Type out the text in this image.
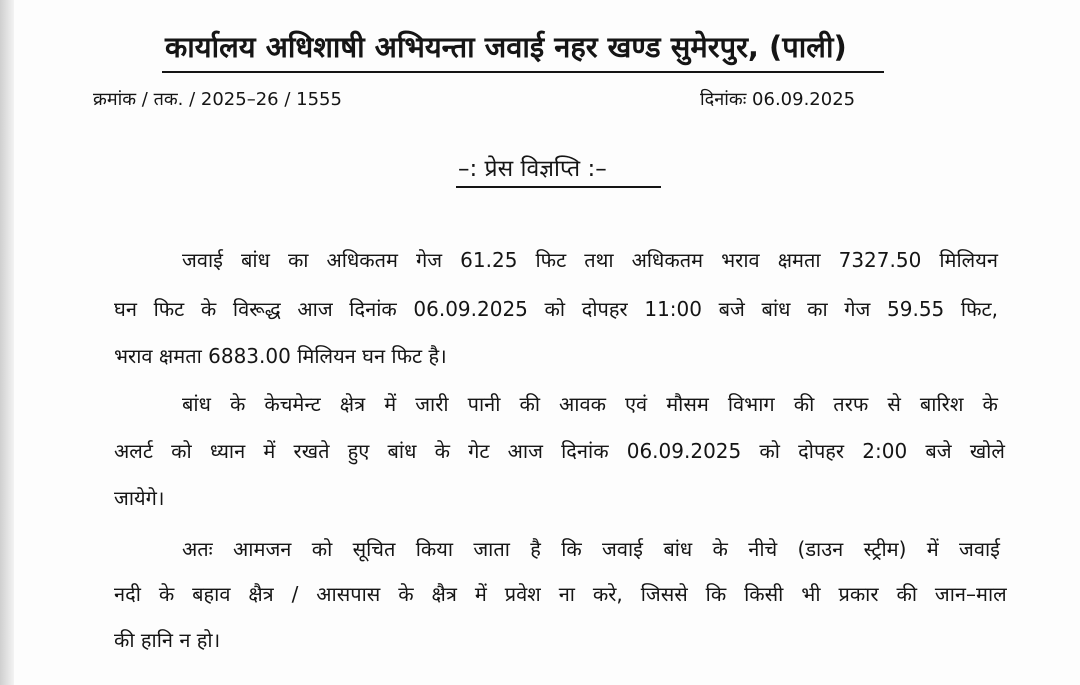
कार्यालय अधिशाषी अभियन्ता जवाई नहर खण्ड सुमेरपुर, (पाली)
क्रमांक / तक. / 2025–26 / 1555	दिनांकः 06.09.2025
–: प्रेस विज्ञप्ति :–
जवाई बांध का अधिकतम गेज 61.25 फिट तथा अधिकतम भराव क्षमता 7327.50 मिलियन
घन फिट के विरूद्ध आज दिनांक 06.09.2025 को दोपहर 11:00 बजे बांध का गेज 59.55 फिट,
भराव क्षमता 6883.00 मिलियन घन फिट है।
बांध के केचमेन्ट क्षेत्र में जारी पानी की आवक एवं मौसम विभाग की तरफ से बारिश के
अलर्ट को ध्यान में रखते हुए बांध के गेट आज दिनांक 06.09.2025 को दोपहर 2:00 बजे खोले
जायेगे।
अतः आमजन को सूचित किया जाता है कि जवाई बांध के नीचे (डाउन स्ट्रीम) में जवाई
नदी के बहाव क्षैत्र / आसपास के क्षैत्र में प्रवेश ना करे, जिससे कि किसी भी प्रकार की जान–माल
की हानि न हो।
